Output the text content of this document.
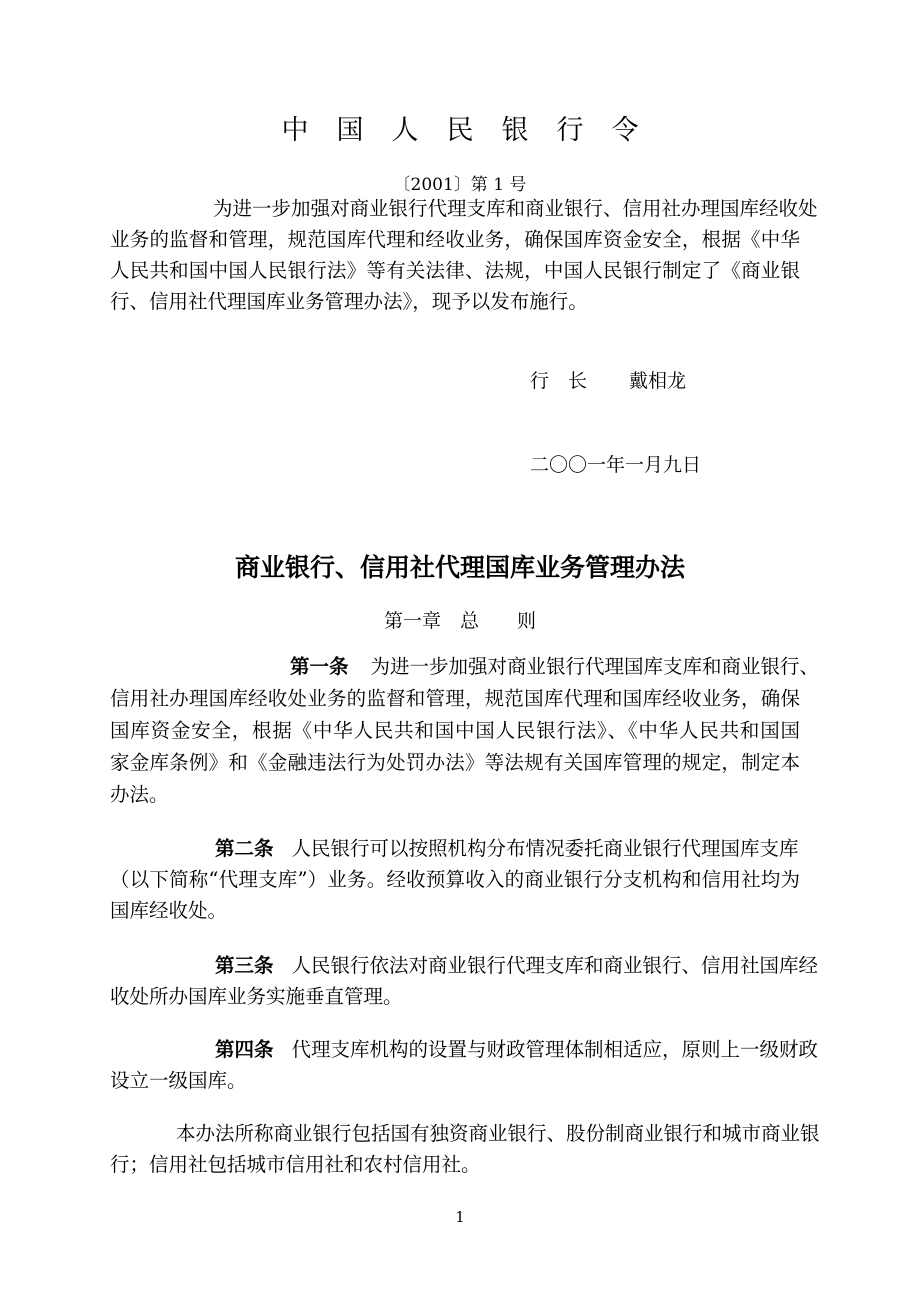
中国人民银行令
〔2001〕第 1 号
为进一步加强对商业银行代理支库和商业银行、信用社办理国库经收处
业务的监督和管理，规范国库代理和经收业务，确保国库资金安全，根据《中华
人民共和国中国人民银行法》等有关法律、法规，中国人民银行制定了《商业银
行、信用社代理国库业务管理办法》，现予以发布施行。
行　长 戴相龙
二〇〇一年一月九日
商业银行、信用社代理国库业务管理办法
第一章　总　　则
第一条 为进一步加强对商业银行代理国库支库和商业银行、
信用社办理国库经收处业务的监督和管理，规范国库代理和国库经收业务，确保
国库资金安全，根据《中华人民共和国中国人民银行法》、《中华人民共和国国
家金库条例》和《金融违法行为处罚办法》等法规有关国库管理的规定，制定本
办法。
第二条 人民银行可以按照机构分布情况委托商业银行代理国库支库
（以下简称“代理支库”）业务。经收预算收入的商业银行分支机构和信用社均为
国库经收处。
第三条 人民银行依法对商业银行代理支库和商业银行、信用社国库经
收处所办国库业务实施垂直管理。
第四条 代理支库机构的设置与财政管理体制相适应，原则上一级财政
设立一级国库。
本办法所称商业银行包括国有独资商业银行、股份制商业银行和城市商业银
行；信用社包括城市信用社和农村信用社。
1
